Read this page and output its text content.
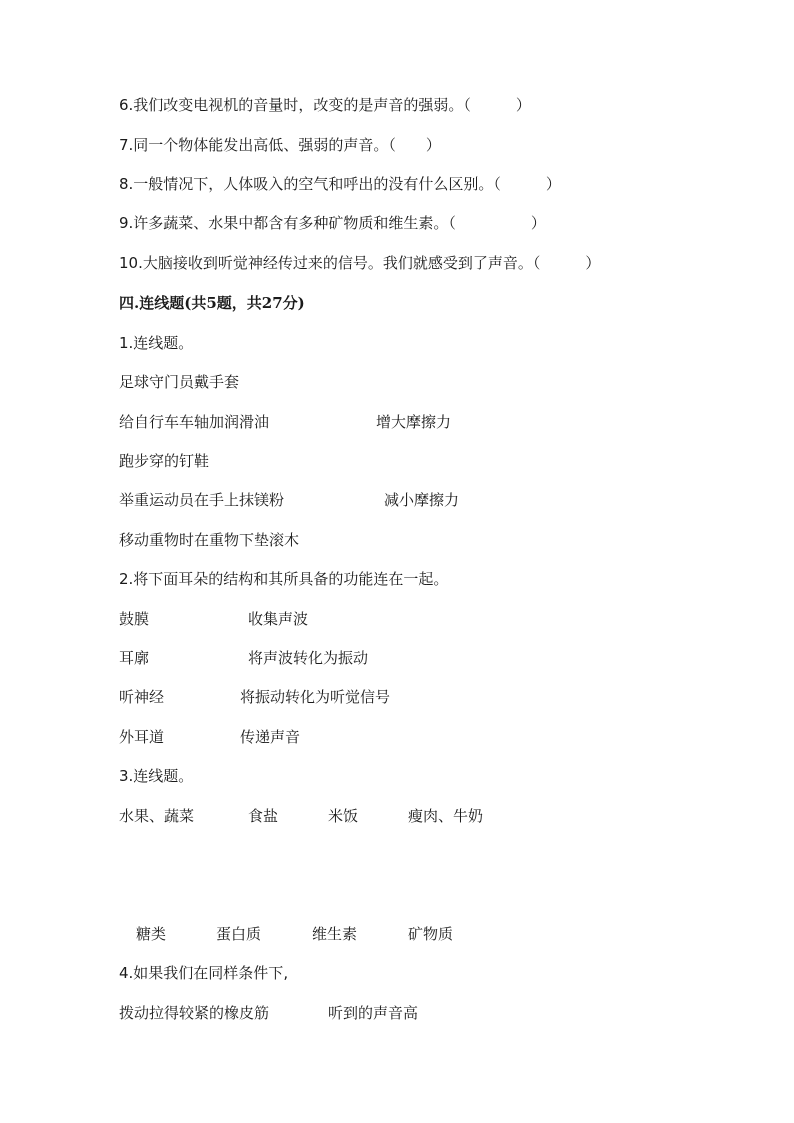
6.我们改变电视机的音量时，改变的是声音的强弱。（　　　）
7.同一个物体能发出高低、强弱的声音。（　　）
8.一般情况下，人体吸入的空气和呼出的没有什么区别。（　　　）
9.许多蔬菜、水果中都含有多种矿物质和维生素。（　　　　　）
10.大脑接收到听觉神经传过来的信号。我们就感受到了声音。（　　　）
四.连线题(共5题，共27分)
1.连线题。
足球守门员戴手套
给自行车车轴加润滑油	增大摩擦力
跑步穿的钉鞋
举重运动员在手上抹镁粉	减小摩擦力
移动重物时在重物下垫滚木
2.将下面耳朵的结构和其所具备的功能连在一起。
鼓膜	收集声波
耳廓	将声波转化为振动
听神经	将振动转化为听觉信号
外耳道	传递声音
3.连线题。
水果、蔬菜	食盐	米饭	瘦肉、牛奶
糖类	蛋白质	维生素	矿物质
4.如果我们在同样条件下,
拨动拉得较紧的橡皮筋	听到的声音高
